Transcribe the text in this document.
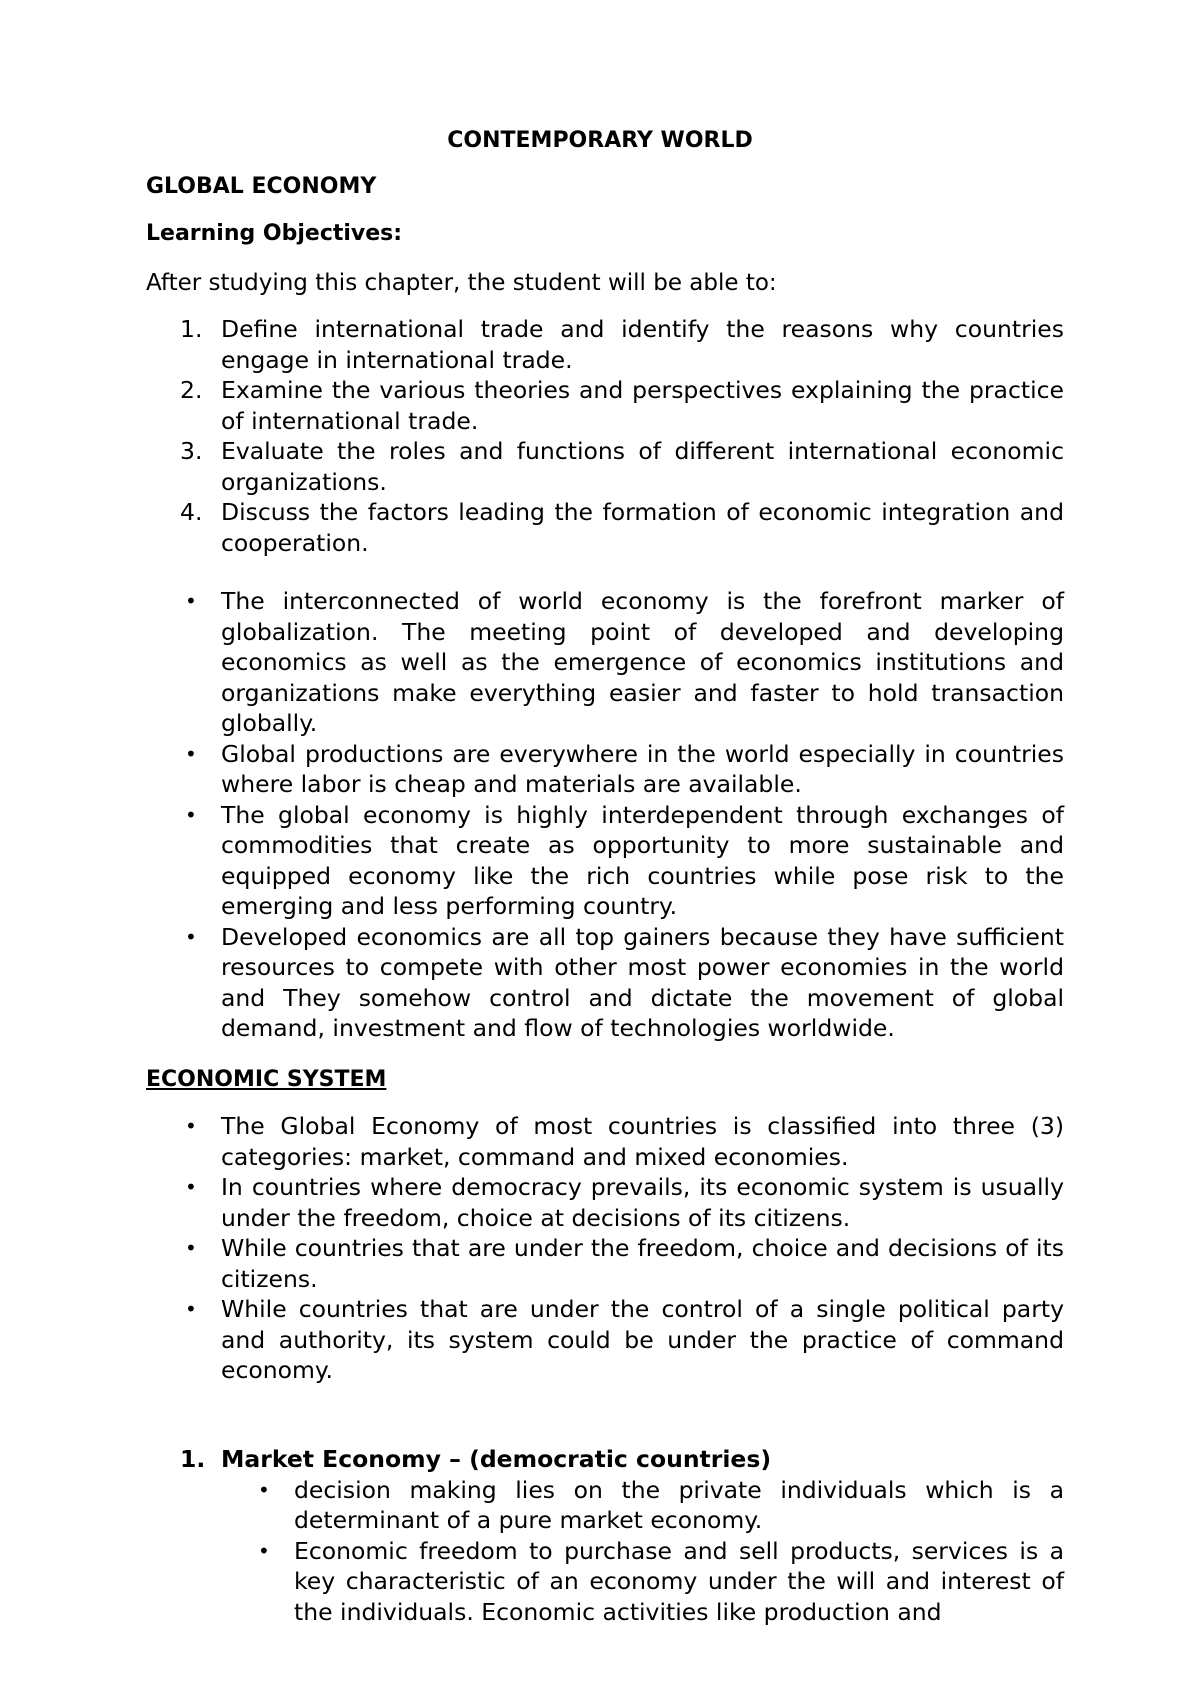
CONTEMPORARY WORLD
GLOBAL ECONOMY
Learning Objectives:
After studying this chapter, the student will be able to:
1. Define international trade and identify the reasons why countries engage in international trade.
2. Examine the various theories and perspectives explaining the practice of international trade.
3. Evaluate the roles and functions of different international economic organizations.
4. Discuss the factors leading the formation of economic integration and cooperation.
• The interconnected of world economy is the forefront marker of globalization. The meeting point of developed and developing economics as well as the emergence of economics institutions and organizations make everything easier and faster to hold transaction globally.
• Global productions are everywhere in the world especially in countries where labor is cheap and materials are available.
• The global economy is highly interdependent through exchanges of commodities that create as opportunity to more sustainable and equipped economy like the rich countries while pose risk to the emerging and less performing country.
• Developed economics are all top gainers because they have sufficient resources to compete with other most power economies in the world and They somehow control and dictate the movement of global demand, investment and flow of technologies worldwide.
ECONOMIC SYSTEM
• The Global Economy of most countries is classified into three (3) categories: market, command and mixed economies.
• In countries where democracy prevails, its economic system is usually under the freedom, choice at decisions of its citizens.
• While countries that are under the freedom, choice and decisions of its citizens.
• While countries that are under the control of a single political party and authority, its system could be under the practice of command economy.
1. Market Economy – (democratic countries)
• decision making lies on the private individuals which is a determinant of a pure market economy.
• Economic freedom to purchase and sell products, services is a key characteristic of an economy under the will and interest of the individuals. Economic activities like production and
